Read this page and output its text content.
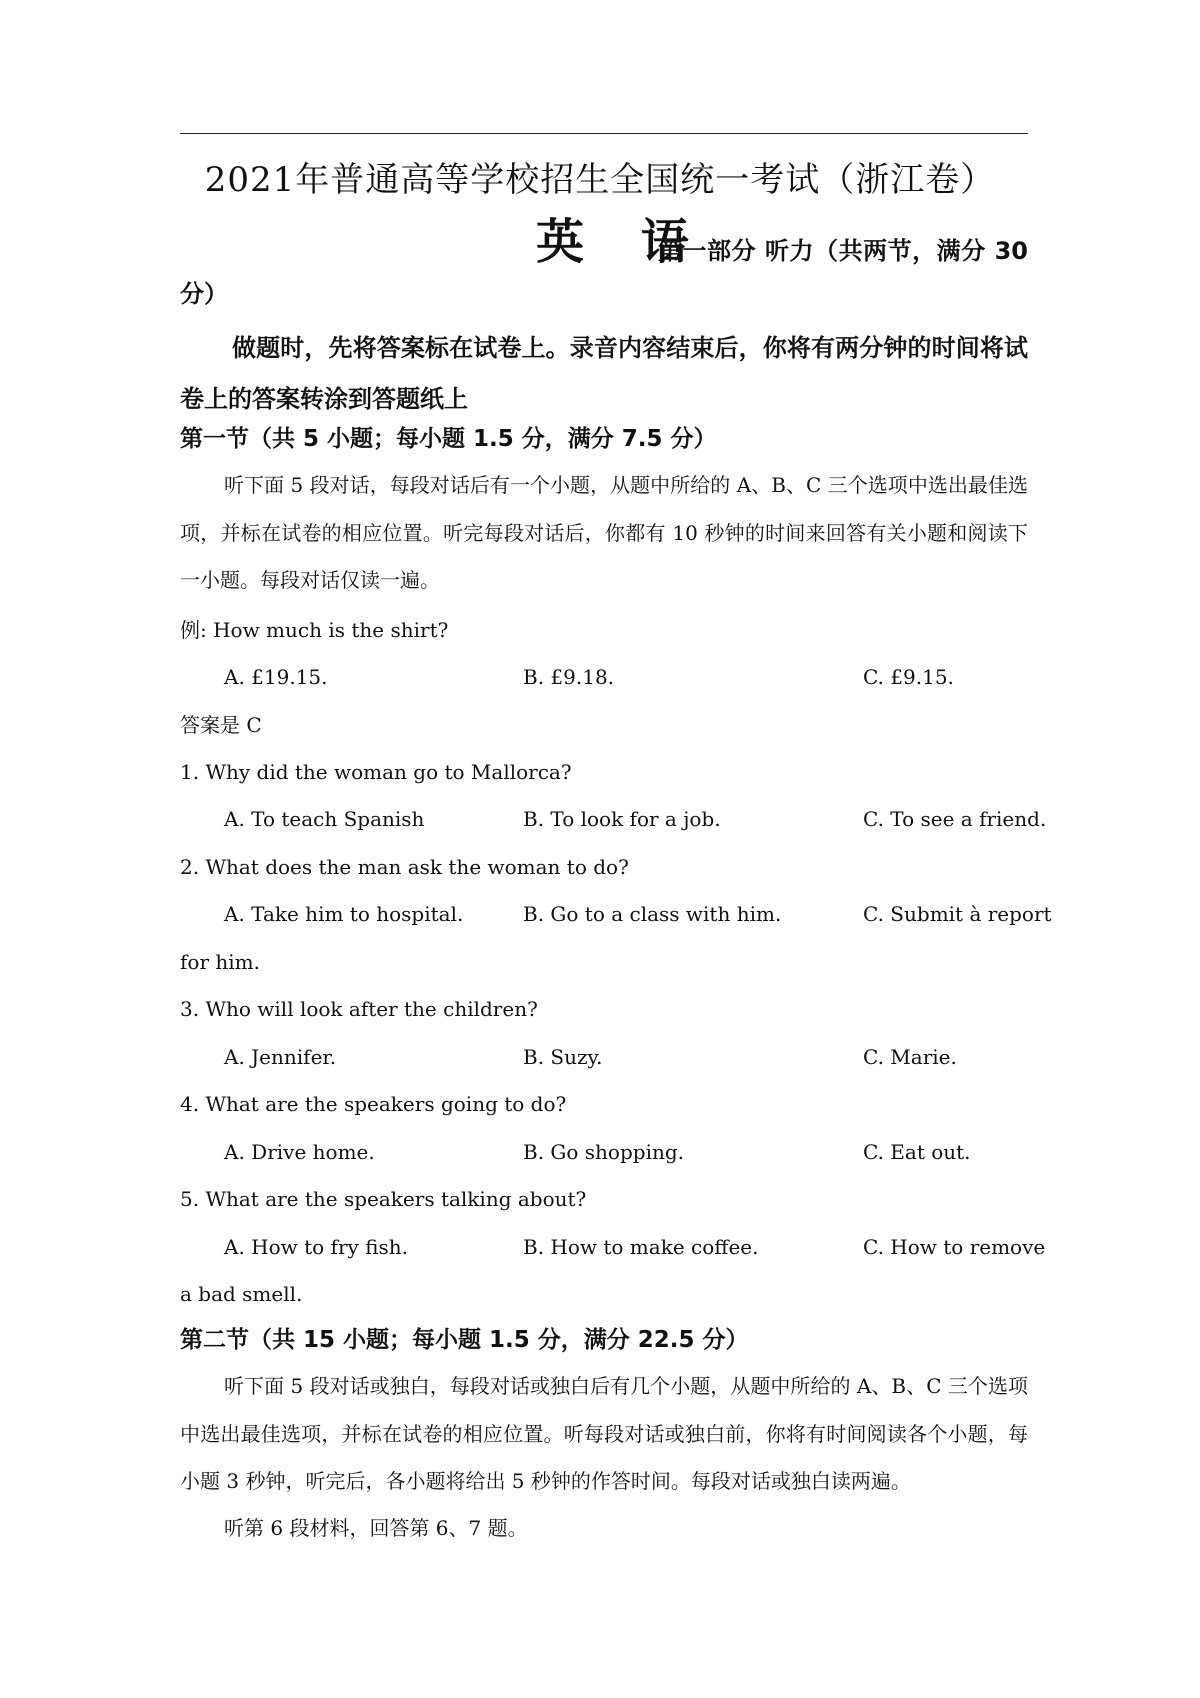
2021年普通高等学校招生全国统一考试（浙江卷）
英 语
第一部分 听力（共两节，满分 30
分）
做题时，先将答案标在试卷上。录音内容结束后，你将有两分钟的时间将试卷上的答案转涂到答题纸上
第一节（共 5 小题；每小题 1.5 分，满分 7.5 分）
听下面 5 段对话，每段对话后有一个小题，从题中所给的 A、B、C 三个选项中选出最佳选项，并标在试卷的相应位置。听完每段对话后，你都有 10 秒钟的时间来回答有关小题和阅读下一小题。每段对话仅读一遍。
例: How much is the shirt?
A. £19.15.	B. £9.18.	C. £9.15.
答案是 C
1. Why did the woman go to Mallorca?
A. To teach Spanish	B. To look for a job.	C. To see a friend.
2. What does the man ask the woman to do?
A. Take him to hospital.	B. Go to a class with him.	C. Submit à report
for him.
3. Who will look after the children?
A. Jennifer.	B. Suzy.	C. Marie.
4. What are the speakers going to do?
A. Drive home.	B. Go shopping.	C. Eat out.
5. What are the speakers talking about?
A. How to fry fish.	B. How to make coffee.	C. How to remove
a bad smell.
第二节（共 15 小题；每小题 1.5 分，满分 22.5 分）
听下面 5 段对话或独白，每段对话或独白后有几个小题，从题中所给的 A、B、C 三个选项中选出最佳选项，并标在试卷的相应位置。听每段对话或独白前，你将有时间阅读各个小题，每小题 3 秒钟，听完后，各小题将给出 5 秒钟的作答时间。每段对话或独白读两遍。
听第 6 段材料，回答第 6、7 题。
